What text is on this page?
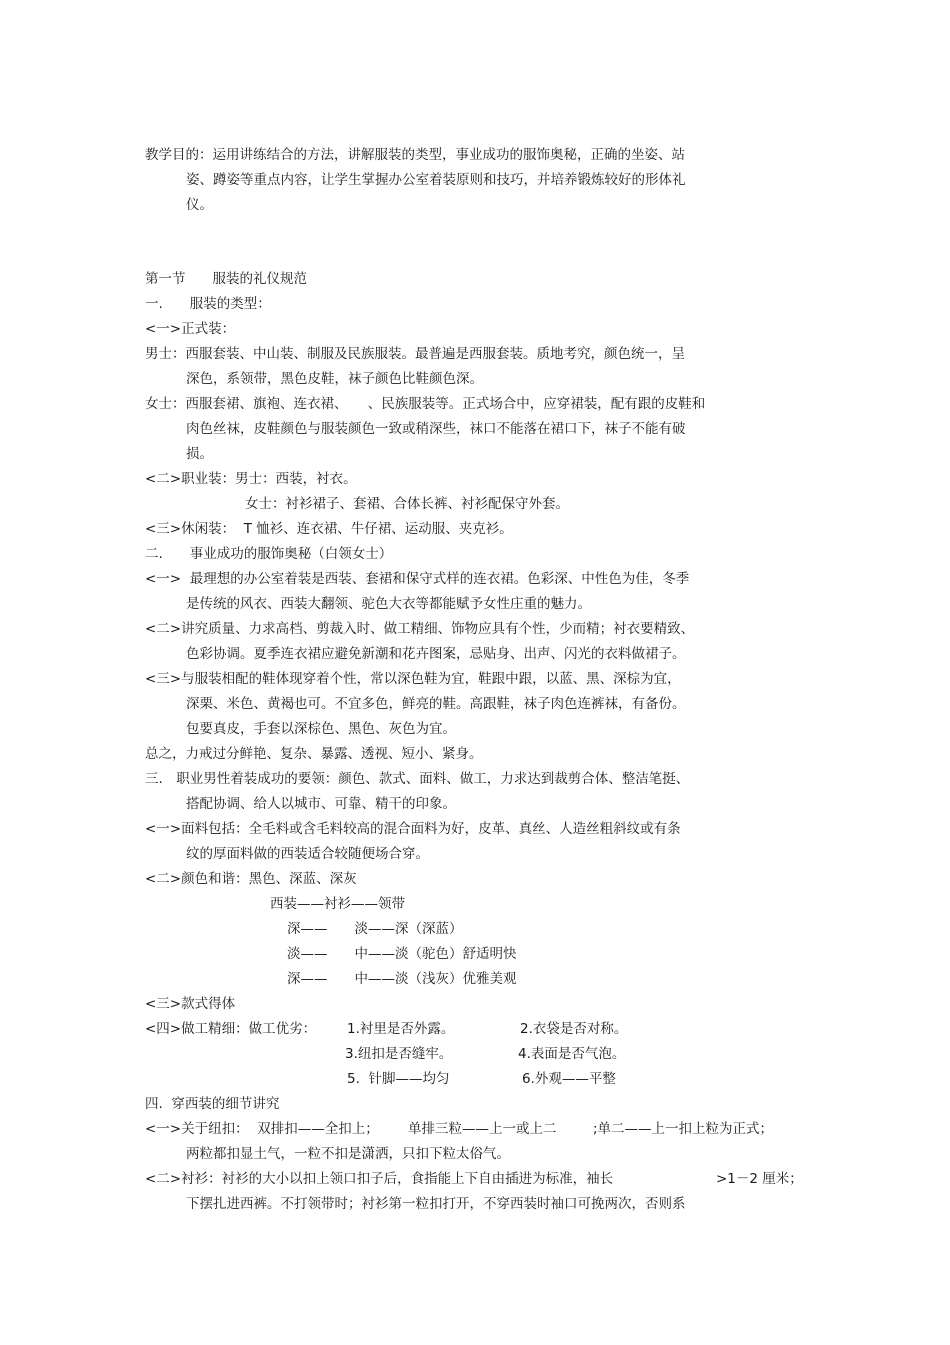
教学目的：运用讲练结合的方法，讲解服装的类型，事业成功的服饰奥秘，正确的坐姿、站
姿、蹲姿等重点内容，让学生掌握办公室着装原则和技巧，并培养锻炼较好的形体礼
仪。
第一节　　服装的礼仪规范
一.　　服装的类型：
<一>正式装：
男士：西服套装、中山装、制服及民族服装。最普遍是西服套装。质地考究，颜色统一，呈
深色，系领带，黑色皮鞋，袜子颜色比鞋颜色深。
女士：西服套裙、旗袍、连衣裙、　　、民族服装等。正式场合中，应穿裙装，配有跟的皮鞋和
肉色丝袜，皮鞋颜色与服装颜色一致或稍深些，袜口不能落在裙口下，袜子不能有破
损。
<二>职业装：男士：西装，衬衣。
女士：衬衫裙子、套裙、合体长裤、衬衫配保守外套。
<三>休闲装：  T 恤衫、连衣裙、牛仔裙、运动服、夹克衫。
二.　　事业成功的服饰奥秘（白领女士）
<一>  最理想的办公室着装是西装、套裙和保守式样的连衣裙。色彩深、中性色为佳，冬季
是传统的风衣、西装大翻领、驼色大衣等都能赋予女性庄重的魅力。
<二>讲究质量、力求高档、剪裁入时、做工精细、饰物应具有个性，少而精；衬衣要精致、
色彩协调。夏季连衣裙应避免新潮和花卉图案，忌贴身、出声、闪光的衣料做裙子。
<三>与服装相配的鞋体现穿着个性，常以深色鞋为宜，鞋跟中跟，以蓝、黑、深棕为宜，
深栗、米色、黄褐也可。不宜多色，鲜亮的鞋。高跟鞋，袜子肉色连裤袜，有备份。
包要真皮，手套以深棕色、黑色、灰色为宜。
总之，力戒过分鲜艳、复杂、暴露、透视、短小、紧身。
三.　职业男性着装成功的要领：颜色、款式、面料、做工，力求达到裁剪合体、整洁笔挺、
搭配协调、给人以城市、可靠、精干的印象。
<一>面料包括：全毛料或含毛料较高的混合面料为好，皮革、真丝、人造丝粗斜纹或有条
纹的厚面料做的西装适合较随便场合穿。
<二>颜色和谐：黑色、深蓝、深灰
西装——衬衫——领带
深——　　淡——深（深蓝）
淡——　　中——淡（驼色）舒适明快
深——　　中——淡（浅灰）优雅美观
<三>款式得体
<四>做工精细：做工优劣： 1.衬里是否外露。	2.衣袋是否对称。
3.纽扣是否缝牢。	4.表面是否气泡。
5.  针脚——均匀	6.外观——平整
四.  穿西装的细节讲究
<一>关于纽扣：  双排扣——全扣上； 单排三粒——上一或上二	;单二——上一扣上粒为正式；
两粒都扣显土气，一粒不扣是潇洒，只扣下粒太俗气。
<二>衬衫：衬衫的大小以扣上领口扣子后，食指能上下自由插进为标准，袖长	>1－2 厘米；
下摆扎进西裤。不打领带时；衬衫第一粒扣打开，不穿西装时袖口可挽两次，否则系
